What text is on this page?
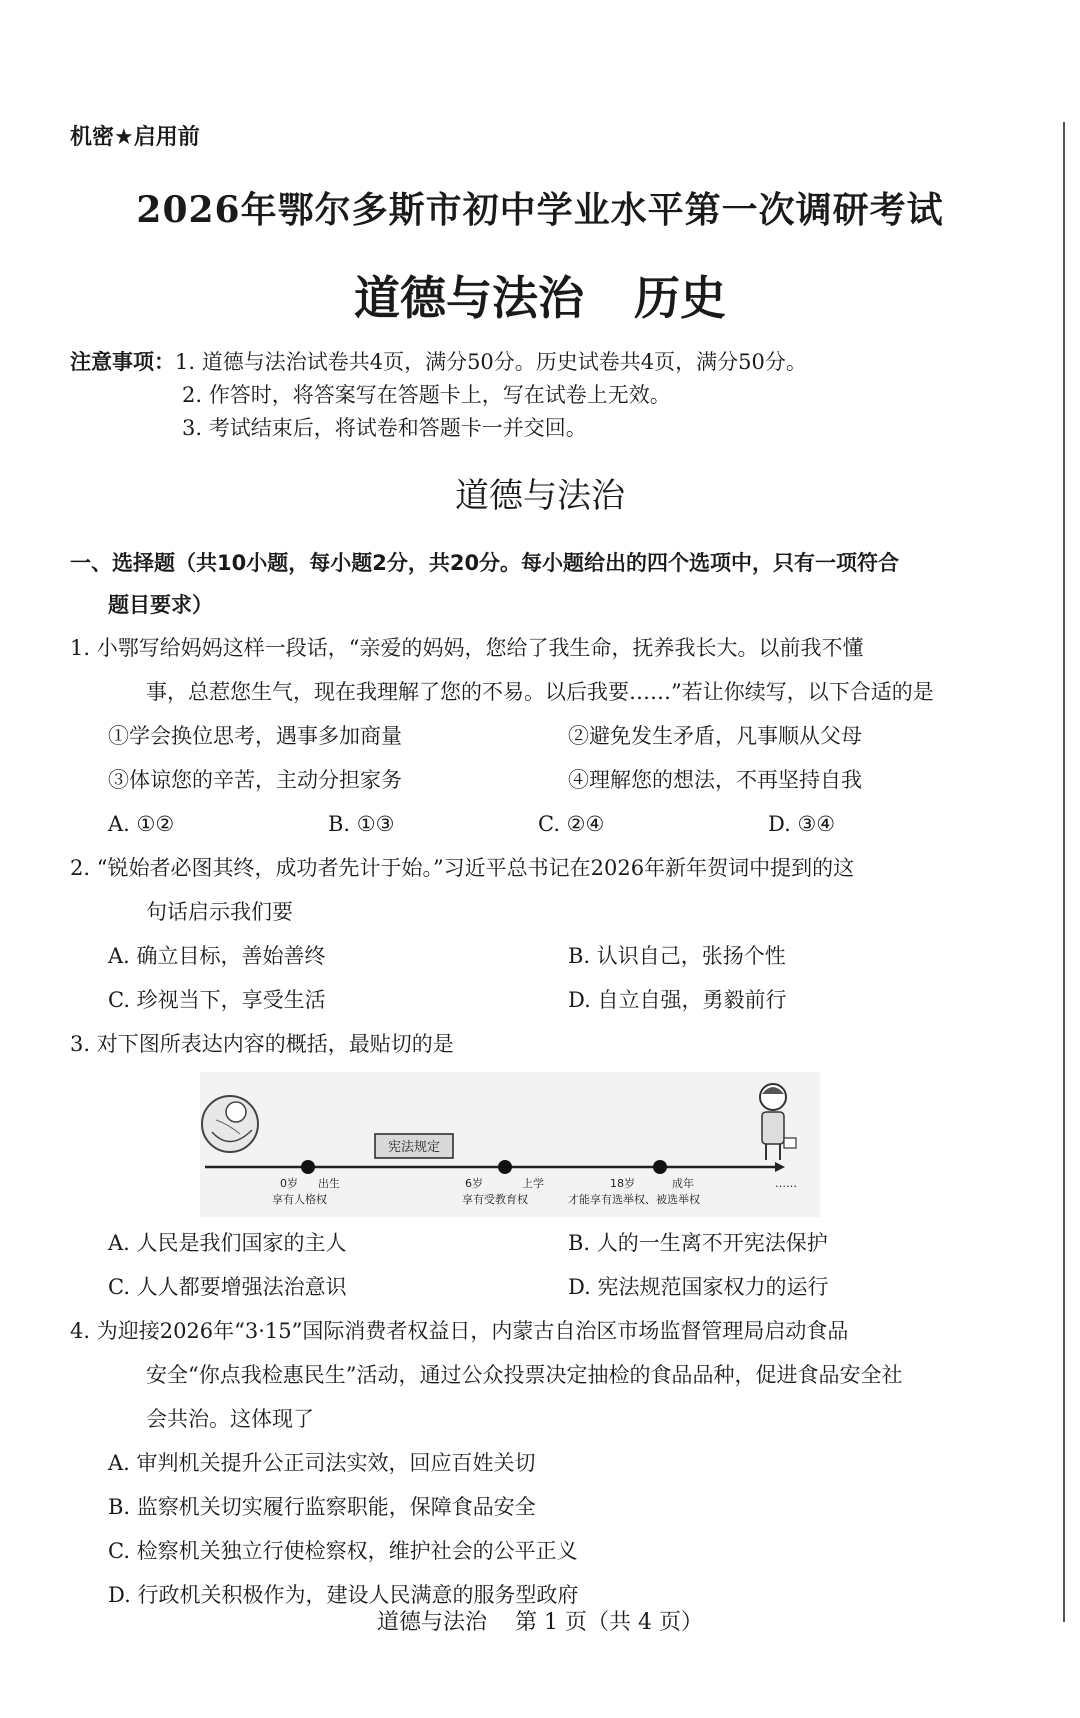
机密★启用前
2026年鄂尔多斯市初中学业水平第一次调研考试
道德与法治 历史
注意事项：1. 道德与法治试卷共4页，满分50分。历史试卷共4页，满分50分。
2. 作答时，将答案写在答题卡上，写在试卷上无效。
3. 考试结束后，将试卷和答题卡一并交回。
道德与法治
一、选择题（共10小题，每小题2分，共20分。每小题给出的四个选项中，只有一项符合
题目要求）
1. 小鄂写给妈妈这样一段话，“亲爱的妈妈，您给了我生命，抚养我长大。以前我不懂
事，总惹您生气，现在我理解了您的不易。以后我要……”若让你续写，以下合适的是
①学会换位思考，遇事多加商量	②避免发生矛盾，凡事顺从父母
③体谅您的辛苦，主动分担家务	④理解您的想法，不再坚持自我
A. ①②	B. ①③	C. ②④	D. ③④
2. “锐始者必图其终，成功者先计于始。”习近平总书记在2026年新年贺词中提到的这
句话启示我们要
A. 确立目标，善始善终	B. 认识自己，张扬个性
C. 珍视当下，享受生活	D. 自立自强，勇毅前行
3. 对下图所表达内容的概括，最贴切的是
宪法规定
0岁 出生
享有人格权
6岁	上学
享有受教育权
18岁	成年
才能享有选举权、被选举权
……
A. 人民是我们国家的主人	B. 人的一生离不开宪法保护
C. 人人都要增强法治意识	D. 宪法规范国家权力的运行
4. 为迎接2026年“3·15”国际消费者权益日，内蒙古自治区市场监督管理局启动食品
安全“你点我检惠民生”活动，通过公众投票决定抽检的食品品种，促进食品安全社
会共治。这体现了
A. 审判机关提升公正司法实效，回应百姓关切
B. 监察机关切实履行监察职能，保障食品安全
C. 检察机关独立行使检察权，维护社会的公平正义
D. 行政机关积极作为，建设人民满意的服务型政府
道德与法治 第 1 页（共 4 页）
